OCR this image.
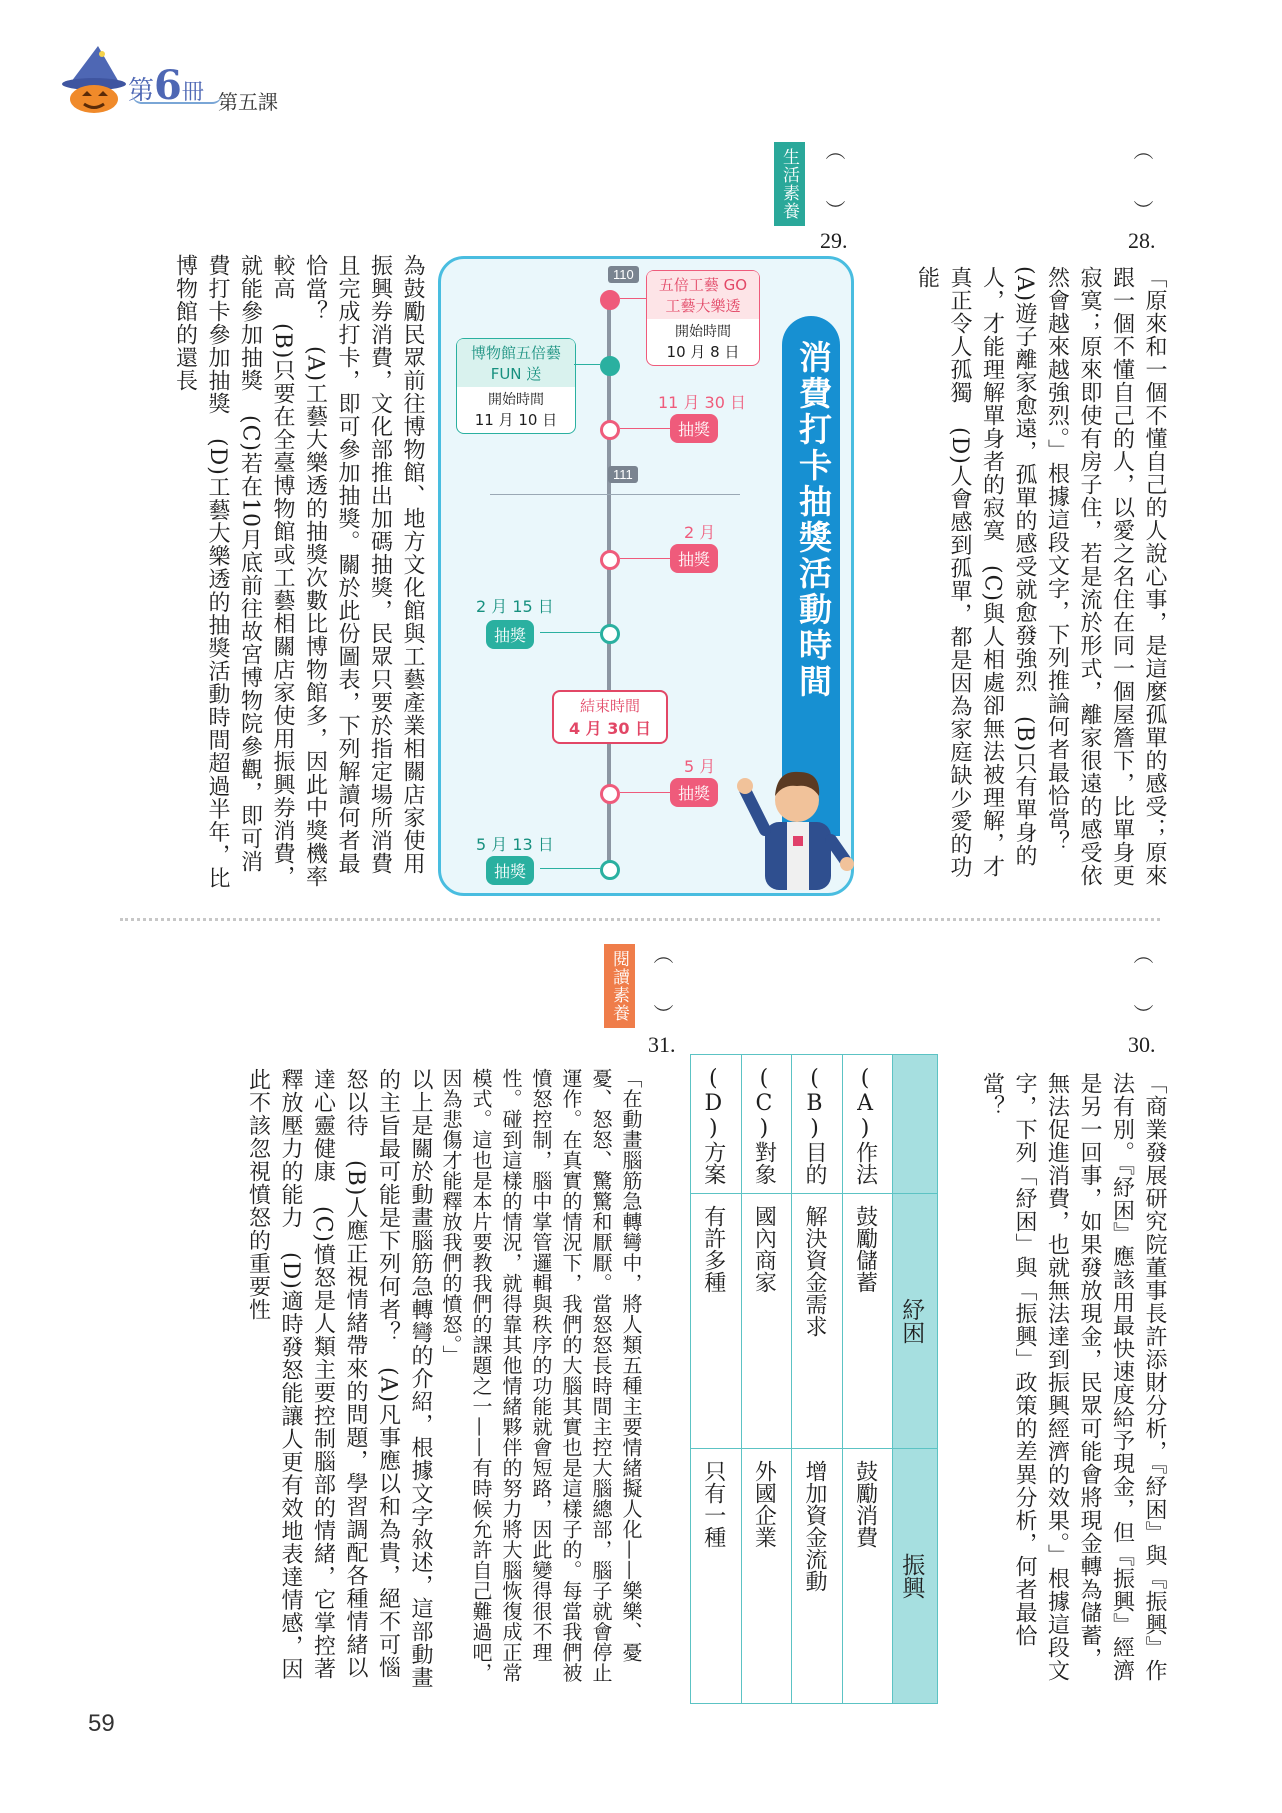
第6冊 第五課
（　　）
28.
「原來和一個不懂自己的人說心事，是這麼孤單的感受；原來跟一個不懂自己的人，以愛之名住在同一個屋簷下，比單身更寂寞；原來即使有房子住，若是流於形式，離家很遠的感受依然會越來越強烈。」根據這段文字，下列推論何者最恰當？　(A)遊子離家愈遠，孤單的感受就愈發強烈　(B)只有單身的人，才能理解單身者的寂寞　(C)與人相處卻無法被理解，才真正令人孤獨　(D)人會感到孤單，都是因為家庭缺少愛的功能
生活素養	（　　）
29.
為鼓勵民眾前往博物館、地方文化館與工藝產業相關店家使用振興券消費，文化部推出加碼抽獎，民眾只要於指定場所消費且完成打卡，即可參加抽獎。關於此份圖表，下列解讀何者最恰當？　(A)工藝大樂透的抽獎次數比博物館多，因此中獎機率較高　(B)只要在全臺博物館或工藝相關店家使用振興券消費，就能參加抽獎　(C)若在10月底前往故宮博物院參觀，即可消費打卡參加抽獎　(D)工藝大樂透的抽獎活動時間超過半年，比博物館的還長
消費打卡抽獎活動時間
110
111
五倍工藝 GO 工藝大樂透
開始時間
10 月 8 日
博物館五倍藝 FUN 送
開始時間
11 月 10 日
11 月 30 日
抽獎
2 月
抽獎
2 月 15 日
抽獎
結束時間
4 月 30 日
5 月
抽獎
5 月 13 日
抽獎
（　　）
30.
「商業發展研究院董事長許添財分析，『紓困』與『振興』作法有別。『紓困』應該用最快速度給予現金，但『振興』經濟是另一回事，如果發放現金，民眾可能會將現金轉為儲蓄，無法促進消費，也就無法達到振興經濟的效果。」根據這段文字，下列「紓困」與「振興」政策的差異分析，何者最恰當？
(D)方案	(C)對象	(B)目的	(A)作法	

有許多種	國內商家	解決資金需求	鼓勵儲蓄	紓困

只有一種	外國企業	增加資金流動	鼓勵消費	振興
閱讀素養	（　　）
31.
「在動畫腦筋急轉彎中，將人類五種主要情緒擬人化——樂樂、憂憂、怒怒、驚驚和厭厭。當怒怒長時間主控大腦總部，腦子就會停止運作。在真實的情況下，我們的大腦其實也是這樣子的。每當我們被憤怒控制，腦中掌管邏輯與秩序的功能就會短路，因此變得很不理性。碰到這樣的情況，就得靠其他情緒夥伴的努力將大腦恢復成正常模式。這也是本片要教我們的課題之一——有時候允許自己難過吧，因為悲傷才能釋放我們的憤怒。」
以上是關於動畫腦筋急轉彎的介紹，根據文字敘述，這部動畫的主旨最可能是下列何者？　(A)凡事應以和為貴，絕不可惱怒以待　(B)人應正視情緒帶來的問題，學習調配各種情緒以達心靈健康　(C)憤怒是人類主要控制腦部的情緒，它掌控著釋放壓力的能力　(D)適時發怒能讓人更有效地表達情感，因此不該忽視憤怒的重要性
59
